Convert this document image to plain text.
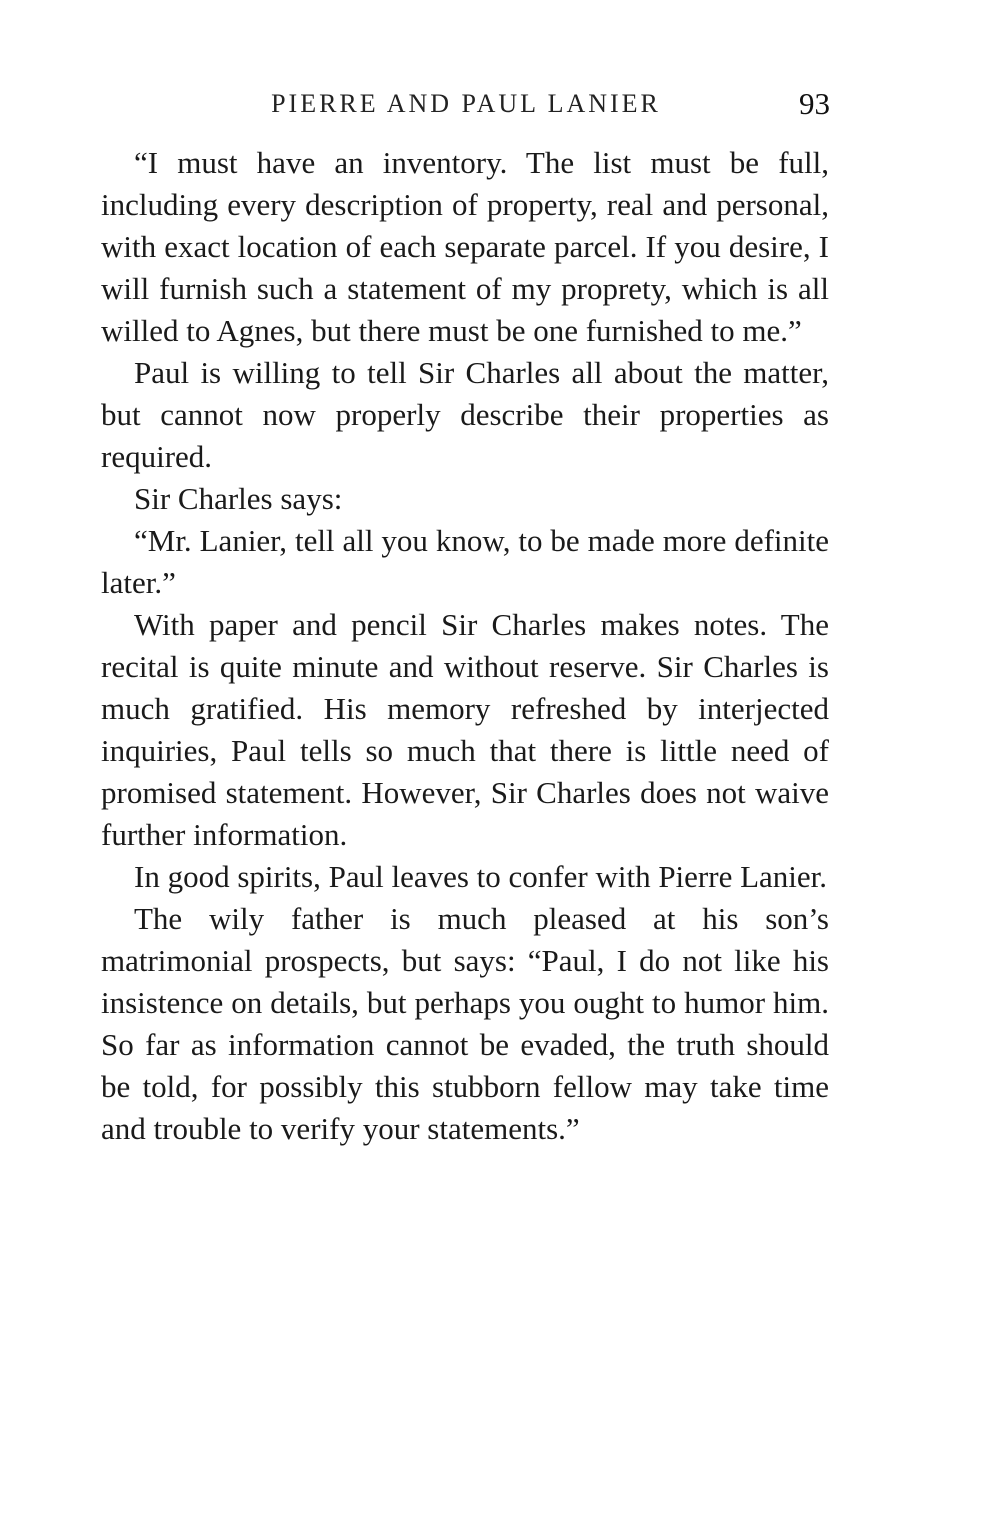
PIERRE AND PAUL LANIER	93

“I must have an inventory. The list must be full, including every description of property, real and personal, with exact location of each separate parcel. If you desire, I will furnish such a statement of my proprety, which is all willed to Agnes, but there must be one furnished to me.”

Paul is willing to tell Sir Charles all about the matter, but cannot now properly describe their properties as required.

Sir Charles says:

“Mr. Lanier, tell all you know, to be made more definite later.”

With paper and pencil Sir Charles makes notes. The recital is quite minute and without reserve. Sir Charles is much gratified. His memory refreshed by interjected inquiries, Paul tells so much that there is little need of promised statement. However, Sir Charles does not waive further information.

In good spirits, Paul leaves to confer with Pierre Lanier.

The wily father is much pleased at his son’s matrimonial prospects, but says: “Paul, I do not like his insistence on details, but perhaps you ought to humor him. So far as information cannot be evaded, the truth should be told, for possibly this stubborn fellow may take time and trouble to verify your statements.”
